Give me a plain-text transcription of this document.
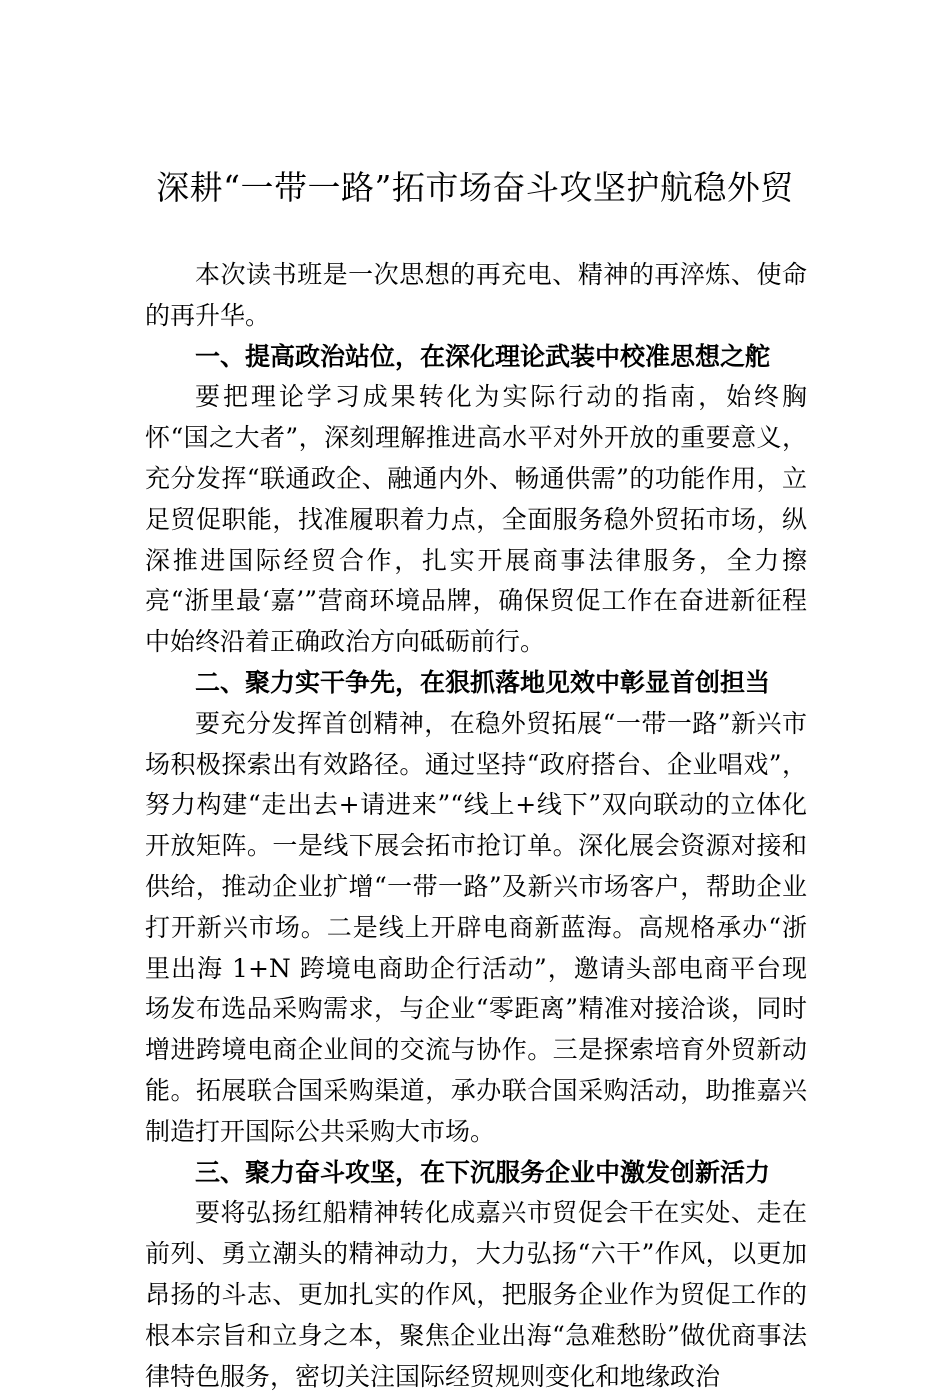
深耕“一带一路”拓市场奋斗攻坚护航稳外贸

本次读书班是一次思想的再充电、精神的再淬炼、使命的再升华。

一、提高政治站位，在深化理论武装中校准思想之舵

要把理论学习成果转化为实际行动的指南，始终胸怀“国之大者”，深刻理解推进高水平对外开放的重要意义，充分发挥“联通政企、融通内外、畅通供需”的功能作用，立足贸促职能，找准履职着力点，全面服务稳外贸拓市场，纵深推进国际经贸合作，扎实开展商事法律服务，全力擦亮“浙里最‘嘉’”营商环境品牌，确保贸促工作在奋进新征程中始终沿着正确政治方向砥砺前行。

二、聚力实干争先，在狠抓落地见效中彰显首创担当

要充分发挥首创精神，在稳外贸拓展“一带一路”新兴市场积极探索出有效路径。通过坚持“政府搭台、企业唱戏”，努力构建“走出去+请进来”“线上+线下”双向联动的立体化开放矩阵。一是线下展会拓市抢订单。深化展会资源对接和供给，推动企业扩增“一带一路”及新兴市场客户，帮助企业打开新兴市场。二是线上开辟电商新蓝海。高规格承办“浙里出海 1+N 跨境电商助企行活动”，邀请头部电商平台现场发布选品采购需求，与企业“零距离”精准对接洽谈，同时增进跨境电商企业间的交流与协作。三是探索培育外贸新动能。拓展联合国采购渠道，承办联合国采购活动，助推嘉兴制造打开国际公共采购大市场。

三、聚力奋斗攻坚，在下沉服务企业中激发创新活力

要将弘扬红船精神转化成嘉兴市贸促会干在实处、走在前列、勇立潮头的精神动力，大力弘扬“六干”作风，以更加昂扬的斗志、更加扎实的作风，把服务企业作为贸促工作的根本宗旨和立身之本，聚焦企业出海“急难愁盼”做优商事法律特色服务，密切关注国际经贸规则变化和地缘政治
